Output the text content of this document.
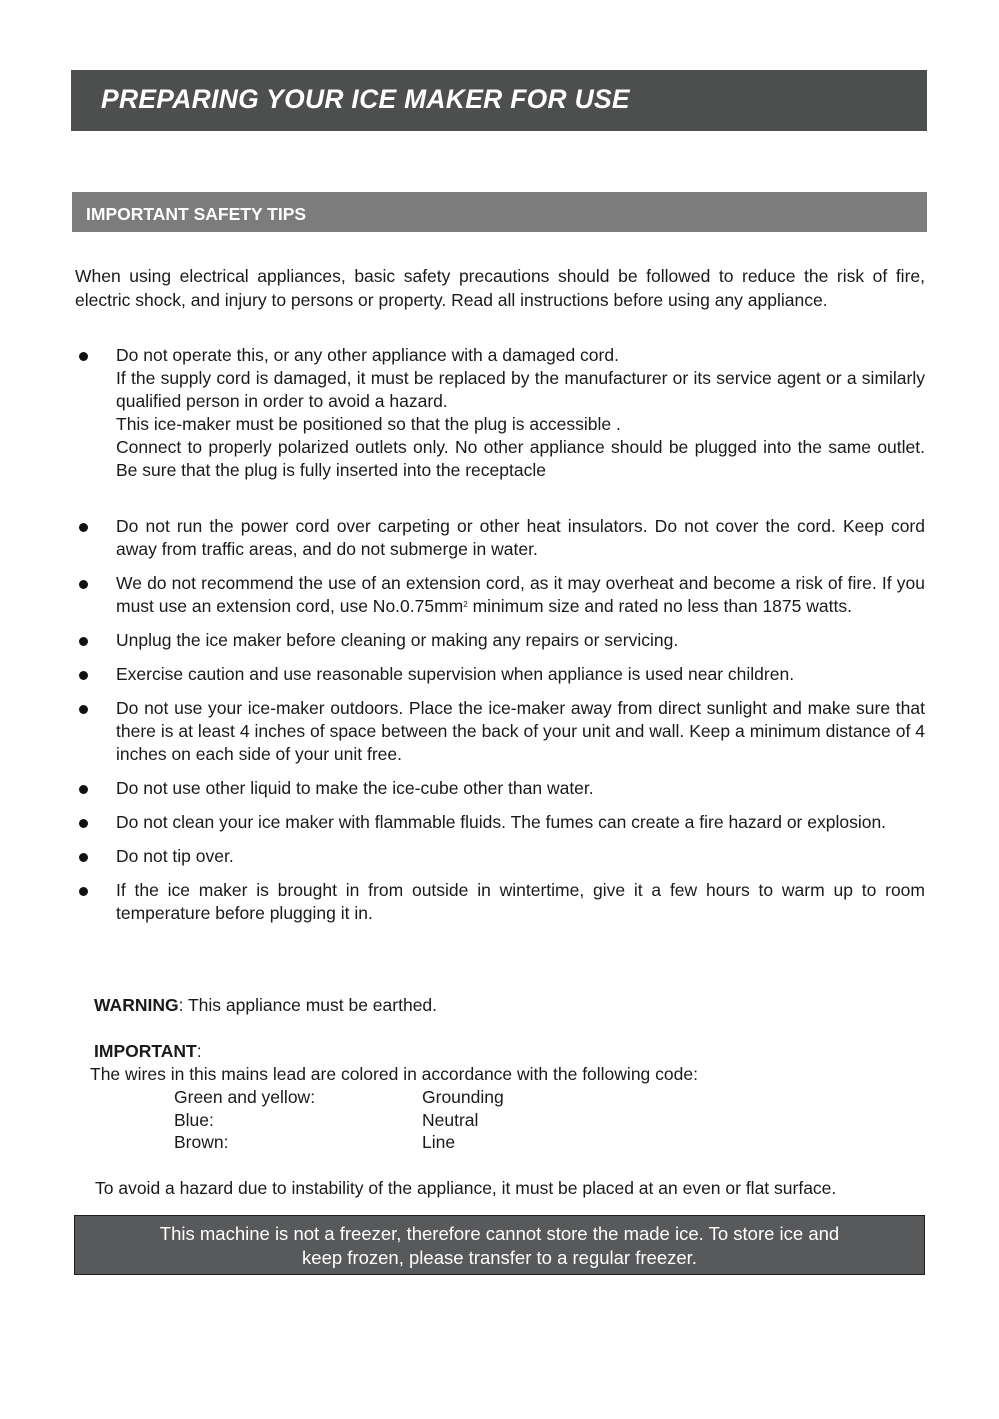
PREPARING YOUR ICE MAKER FOR USE
IMPORTANT SAFETY TIPS
When using electrical appliances, basic safety precautions should be followed to reduce the risk of fire, electric shock, and injury to persons or property. Read all instructions before using any appliance.
Do not operate this, or any other appliance with a damaged cord.
If the supply cord is damaged, it must be replaced by the manufacturer or its service agent or a similarly qualified person in order to avoid a hazard.
This ice-maker must be positioned so that the plug is accessible .
Connect to properly polarized outlets only. No other appliance should be plugged into the same outlet. Be sure that the plug is fully inserted into the receptacle
Do not run the power cord over carpeting or other heat insulators. Do not cover the cord. Keep cord away from traffic areas, and do not submerge in water.
We do not recommend the use of an extension cord, as it may overheat and become a risk of fire. If you must use an extension cord, use $No.0.75mm^2$ minimum size and rated no less than 1875 watts.
Unplug the ice maker before cleaning or making any repairs or servicing.
Exercise caution and use reasonable supervision when appliance is used near children.
Do not use your ice-maker outdoors. Place the ice-maker away from direct sunlight and make sure that there is at least 4 inches of space between the back of your unit and wall. Keep a minimum distance of 4 inches on each side of your unit free.
Do not use other liquid to make the ice-cube other than water.
Do not clean your ice maker with flammable fluids. The fumes can create a fire hazard or explosion.
Do not tip over.
If the ice maker is brought in from outside in wintertime, give it a few hours to warm up to room temperature before plugging it in.
WARNING: This appliance must be earthed.
IMPORTANT:
The wires in this mains lead are colored in accordance with the following code:
Green and yellow:	Grounding
Blue:	Neutral
Brown:	Line
To avoid a hazard due to instability of the appliance, it must be placed at an even or flat surface.
This machine is not a freezer, therefore cannot store the made ice. To store ice and
keep frozen, please transfer to a regular freezer.
